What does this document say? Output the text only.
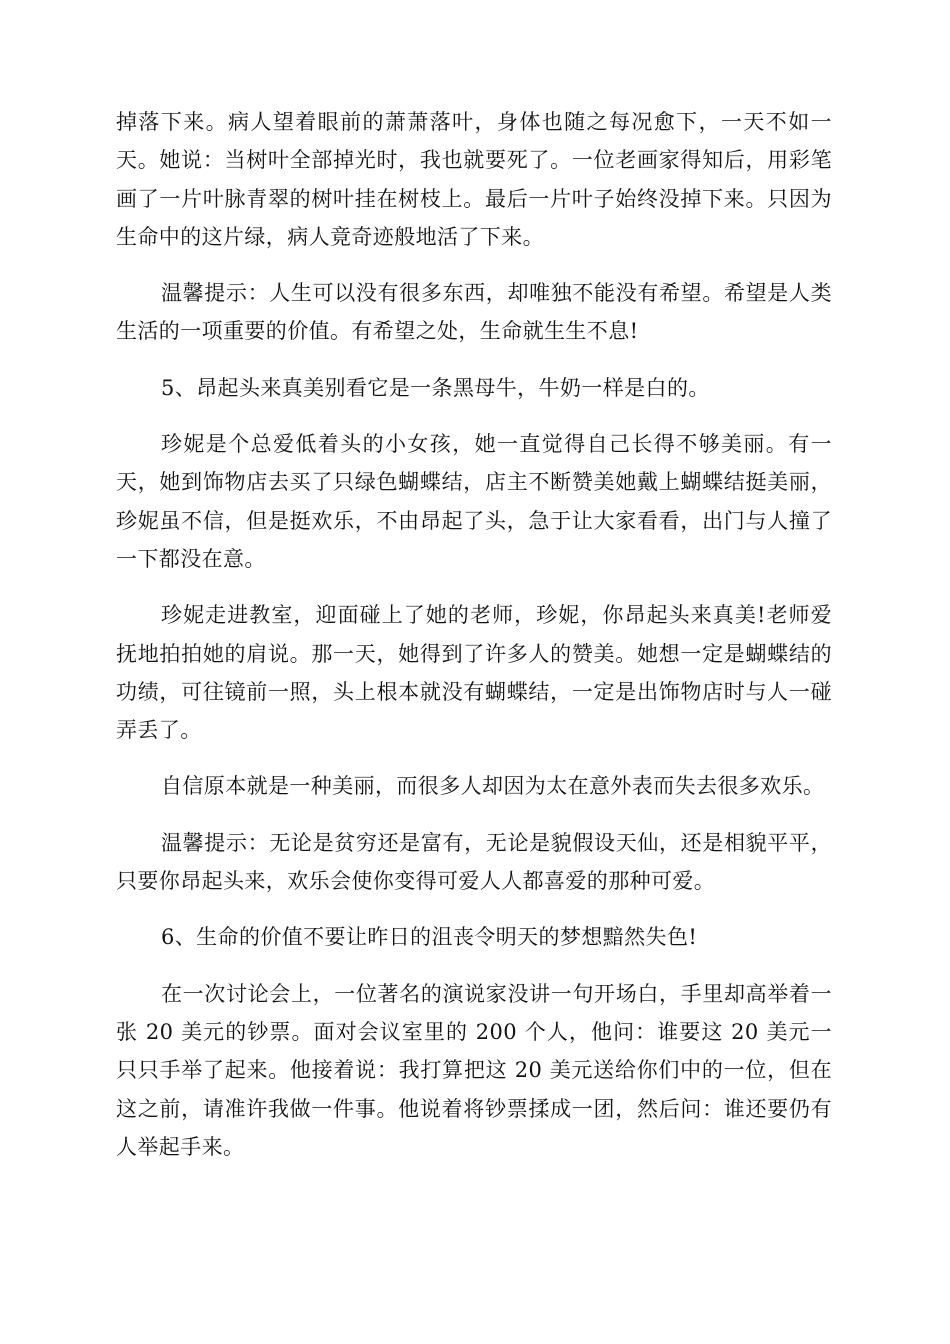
掉落下来。病人望着眼前的萧萧落叶，身体也随之每况愈下，一天不如一天。她说：当树叶全部掉光时，我也就要死了。一位老画家得知后，用彩笔画了一片叶脉青翠的树叶挂在树枝上。最后一片叶子始终没掉下来。只因为生命中的这片绿，病人竟奇迹般地活了下来。

温馨提示：人生可以没有很多东西，却唯独不能没有希望。希望是人类生活的一项重要的价值。有希望之处，生命就生生不息!

5、昂起头来真美别看它是一条黑母牛，牛奶一样是白的。

珍妮是个总爱低着头的小女孩，她一直觉得自己长得不够美丽。有一天，她到饰物店去买了只绿色蝴蝶结，店主不断赞美她戴上蝴蝶结挺美丽，珍妮虽不信，但是挺欢乐，不由昂起了头，急于让大家看看，出门与人撞了一下都没在意。

珍妮走进教室，迎面碰上了她的老师，珍妮，你昂起头来真美!老师爱抚地拍拍她的肩说。那一天，她得到了许多人的赞美。她想一定是蝴蝶结的功绩，可往镜前一照，头上根本就没有蝴蝶结，一定是出饰物店时与人一碰弄丢了。

自信原本就是一种美丽，而很多人却因为太在意外表而失去很多欢乐。

温馨提示：无论是贫穷还是富有，无论是貌假设天仙，还是相貌平平，只要你昂起头来，欢乐会使你变得可爱人人都喜爱的那种可爱。

6、生命的价值不要让昨日的沮丧令明天的梦想黯然失色!

在一次讨论会上，一位著名的演说家没讲一句开场白，手里却高举着一张 20 美元的钞票。面对会议室里的 200 个人，他问：谁要这 20 美元一只只手举了起来。他接着说：我打算把这 20 美元送给你们中的一位，但在这之前，请准许我做一件事。他说着将钞票揉成一团，然后问：谁还要仍有人举起手来。
